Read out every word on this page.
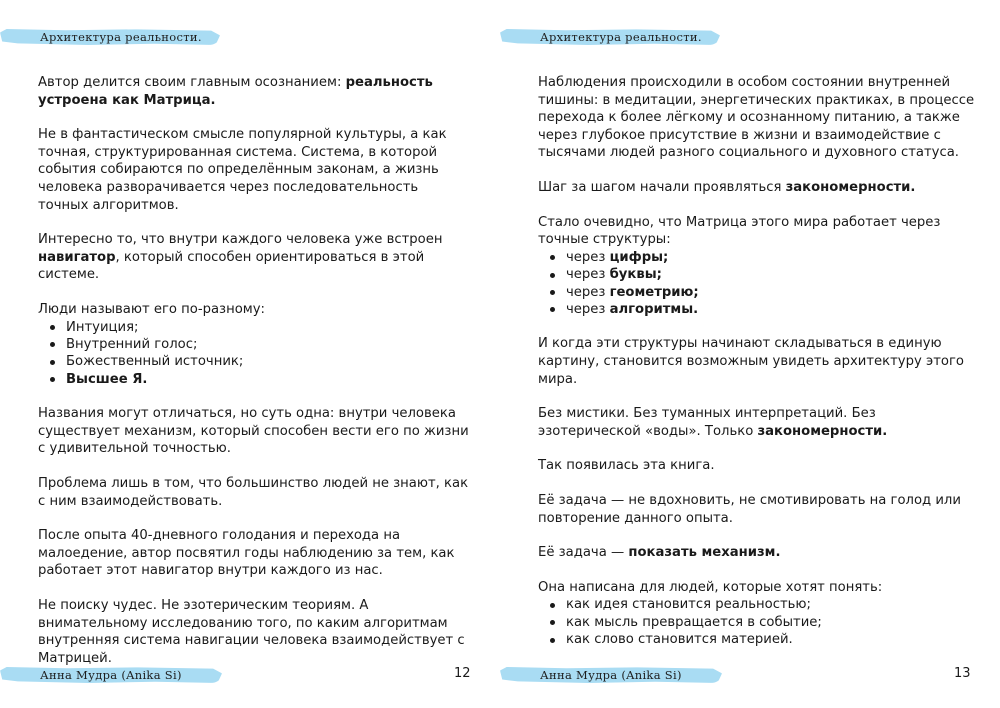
Архитектура реальности.

Автор делится своим главным осознанием: реальность устроена как Матрица.

Не в фантастическом смысле популярной культуры, а как точная, структурированная система. Система, в которой события собираются по определённым законам, а жизнь человека разворачивается через последовательность точных алгоритмов.

Интересно то, что внутри каждого человека уже встроен навигатор, который способен ориентироваться в этой системе.

Люди называют его по-разному:

Интуиция;
Внутренний голос;
Божественный источник;
Высшее Я.

Названия могут отличаться, но суть одна: внутри человека существует механизм, который способен вести его по жизни с удивительной точностью.

Проблема лишь в том, что большинство людей не знают, как с ним взаимодействовать.

После опыта 40-дневного голодания и перехода на малоедение, автор посвятил годы наблюдению за тем, как работает этот навигатор внутри каждого из нас.

Не поиску чудес. Не эзотерическим теориям. А внимательному исследованию того, по каким алгоритмам внутренняя система навигации человека взаимодействует с Матрицей.

Анна Мудра (Anika Si)	12
Архитектура реальности.

Наблюдения происходили в особом состоянии внутренней тишины: в медитации, энергетических практиках, в процессе перехода к более лёгкому и осознанному питанию, а также через глубокое присутствие в жизни и взаимодействие с тысячами людей разного социального и духовного статуса.

Шаг за шагом начали проявляться закономерности.

Стало очевидно, что Матрица этого мира работает через точные структуры:

через цифры;
через буквы;
через геометрию;
через алгоритмы.

И когда эти структуры начинают складываться в единую картину, становится возможным увидеть архитектуру этого мира.

Без мистики. Без туманных интерпретаций. Без эзотерической «воды». Только закономерности.

Так появилась эта книга.

Её задача — не вдохновить, не смотивировать на голод или повторение данного опыта.

Её задача — показать механизм.

Она написана для людей, которые хотят понять:

как идея становится реальностью;
как мысль превращается в событие;
как слово становится материей.
Анна Мудра (Anika Si)	13
